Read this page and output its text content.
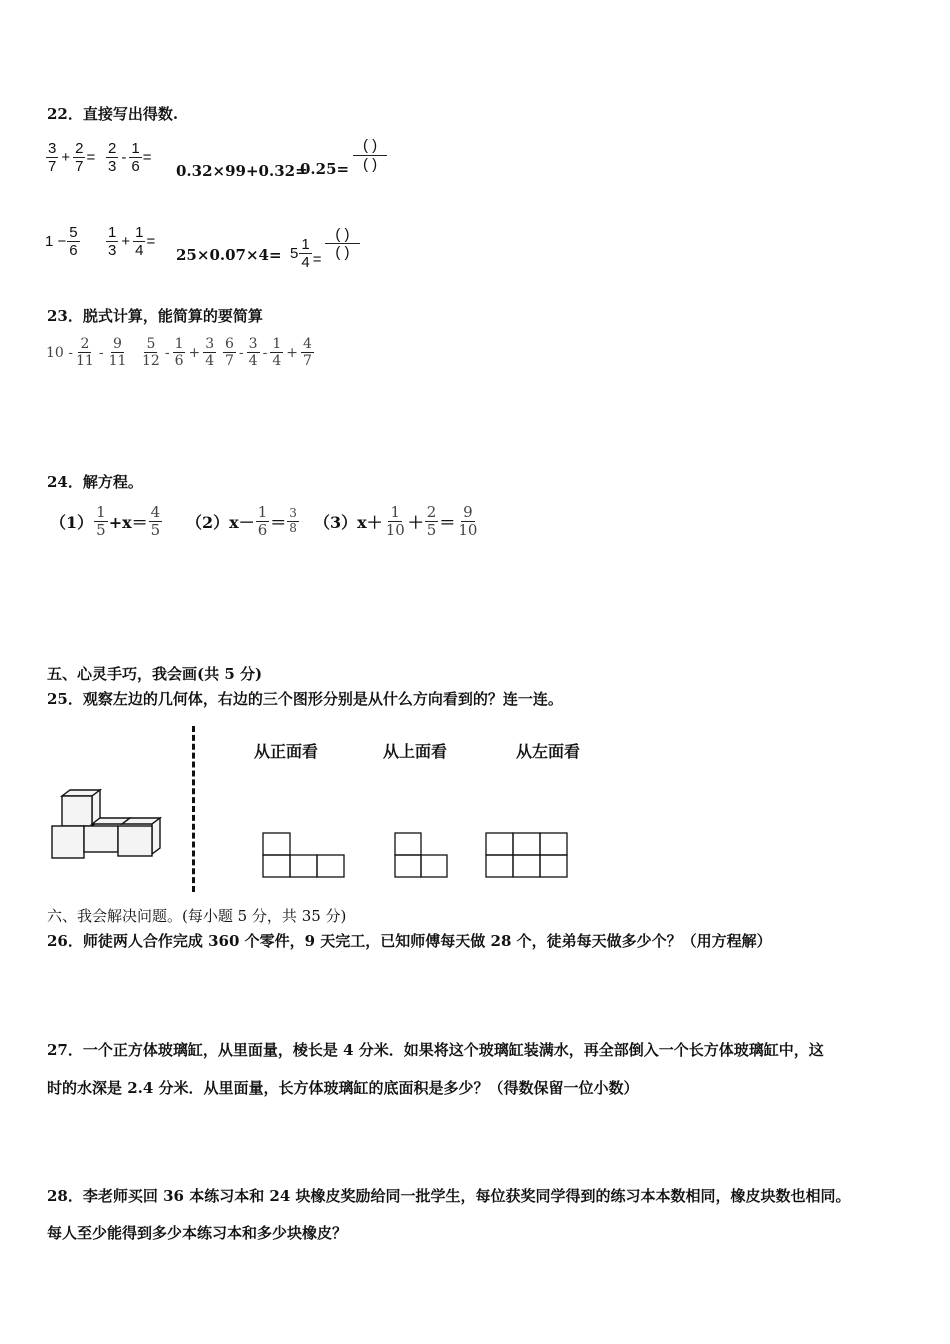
22．直接写出得数.
$\frac{3}{7} + \frac{2}{7} = \frac{2}{3} - \frac{1}{6}$ =
0.32×99+0.32=
$0.25= \frac{( )}{( )}$
$1 - \frac{5}{6} \frac{1}{3} + \frac{1}{4}$ =
$25\times 0.07\times 4= 5 \frac{1}{4} = \frac{( )}{( )}$
23．脱式计算，能简算的要简算
$10 - \frac{2}{11} - \frac{9}{11} \frac{5}{12} - \frac{1}{6} + \frac{3}{4} \frac{6}{7} - \frac{3}{4} - \frac{1}{4} + \frac{4}{7}$
24．解方程。
$(1) \frac{1}{5} +x= \frac{4}{5} (2)$ $x- \frac{1}{6} = \frac{3}{8} (3)$ $x+ \frac{1}{10} + \frac{2}{5} = \frac{9}{10}$
五、心灵手巧，我会画(共 5 分)
25．观察左边的几何体，右边的三个图形分别是从什么方向看到的？连一连。
从正面看	从上面看	从左面看
六、我会解决问题。(每小题 5 分，共 35 分)
26．师徒两人合作完成 360 个零件，9 天完工，已知师傅每天做 28 个，徒弟每天做多少个？（用方程解）
27．一个正方体玻璃缸，从里面量，棱长是 4 分米．如果将这个玻璃缸装满水，再全部倒入一个长方体玻璃缸中，这
时的水深是 2.4 分米．从里面量，长方体玻璃缸的底面积是多少？（得数保留一位小数）
28．李老师买回 36 本练习本和 24 块橡皮奖励给同一批学生，每位获奖同学得到的练习本本数相同，橡皮块数也相同。
每人至少能得到多少本练习本和多少块橡皮？
